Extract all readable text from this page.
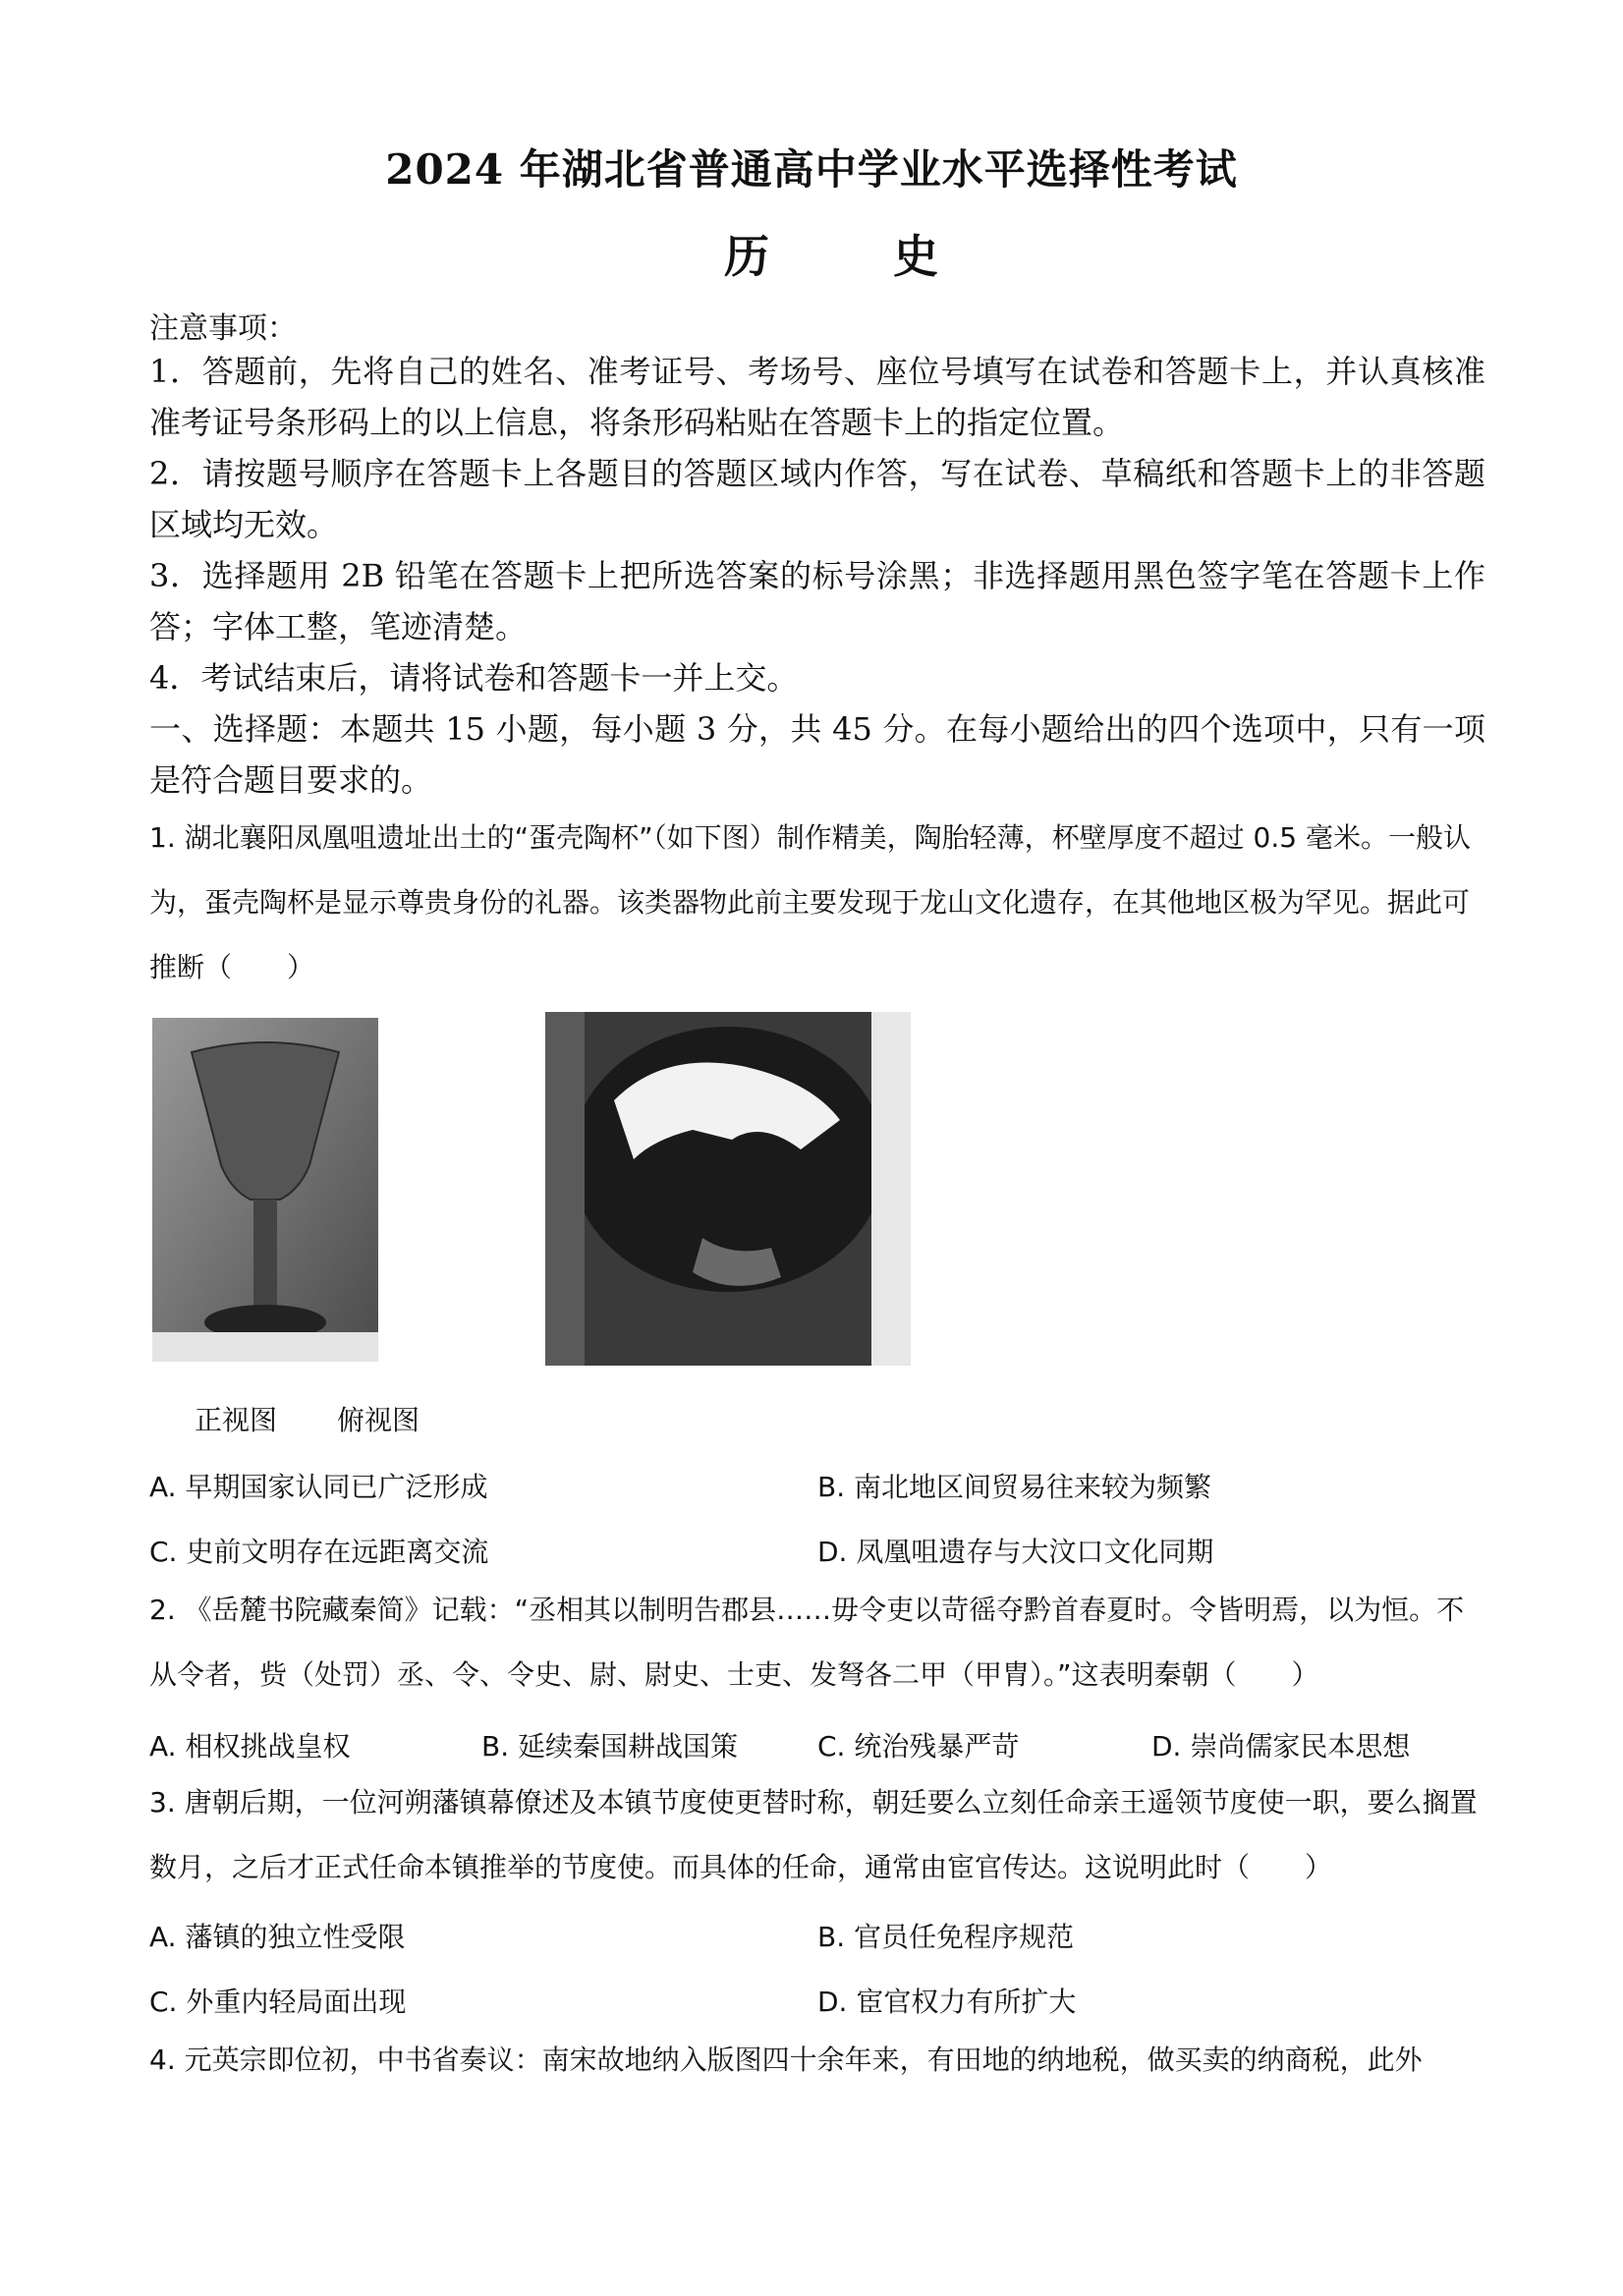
2024 年湖北省普通高中学业水平选择性考试
历　史
注意事项：
1．答题前，先将自己的姓名、准考证号、考场号、座位号填写在试卷和答题卡上，并认真核准准考证号条形码上的以上信息，将条形码粘贴在答题卡上的指定位置。
2．请按题号顺序在答题卡上各题目的答题区域内作答，写在试卷、草稿纸和答题卡上的非答题区域均无效。
3．选择题用 2B 铅笔在答题卡上把所选答案的标号涂黑；非选择题用黑色签字笔在答题卡上作答；字体工整，笔迹清楚。
4．考试结束后，请将试卷和答题卡一并上交。
一、选择题：本题共 15 小题，每小题 3 分，共 45 分。在每小题给出的四个选项中，只有一项是符合题目要求的。
1. 湖北襄阳凤凰咀遗址出土的“蛋壳陶杯”（如下图）制作精美，陶胎轻薄，杯壁厚度不超过 0.5 毫米。一般认为，蛋壳陶杯是显示尊贵身份的礼器。该类器物此前主要发现于龙山文化遗存，在其他地区极为罕见。据此可推断（　　）
正视图 俯视图
A. 早期国家认同已广泛形成	B. 南北地区间贸易往来较为频繁
C. 史前文明存在远距离交流	D. 凤凰咀遗存与大汶口文化同期
2. 《岳麓书院藏秦简》记载：“丞相其以制明告郡县……毋令吏以苛徭夺黔首春夏时。令皆明焉，以为恒。不从令者，赀（处罚）丞、令、令史、尉、尉史、士吏、发弩各二甲（甲胄）。”这表明秦朝（　　）
A. 相权挑战皇权	B. 延续秦国耕战国策	C. 统治残暴严苛	D. 崇尚儒家民本思想
3. 唐朝后期，一位河朔藩镇幕僚述及本镇节度使更替时称，朝廷要么立刻任命亲王遥领节度使一职，要么搁置数月，之后才正式任命本镇推举的节度使。而具体的任命，通常由宦官传达。这说明此时（　　）
A. 藩镇的独立性受限	B. 官员任免程序规范
C. 外重内轻局面出现	D. 宦官权力有所扩大
4. 元英宗即位初，中书省奏议：南宋故地纳入版图四十余年来，有田地的纳地税，做买卖的纳商税，此外
